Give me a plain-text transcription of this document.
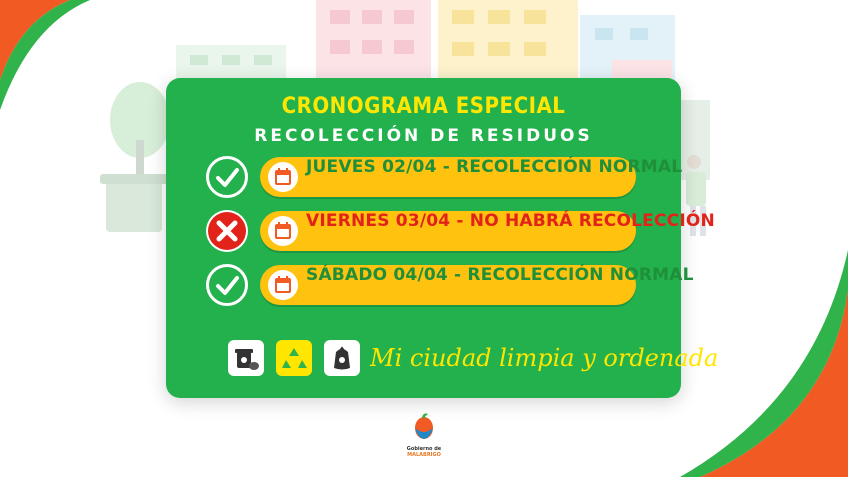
CRONOGRAMA ESPECIAL
RECOLECCIÓN DE RESIDUOS
JUEVES 02/04 - RECOLECCIÓN NORMAL
VIERNES 03/04 - NO HABRÁ RECOLECCIÓN
SÁBADO 04/04 - RECOLECCIÓN NORMAL
Mi ciudad limpia y ordenada
Gobierno de
MALABRIGO
